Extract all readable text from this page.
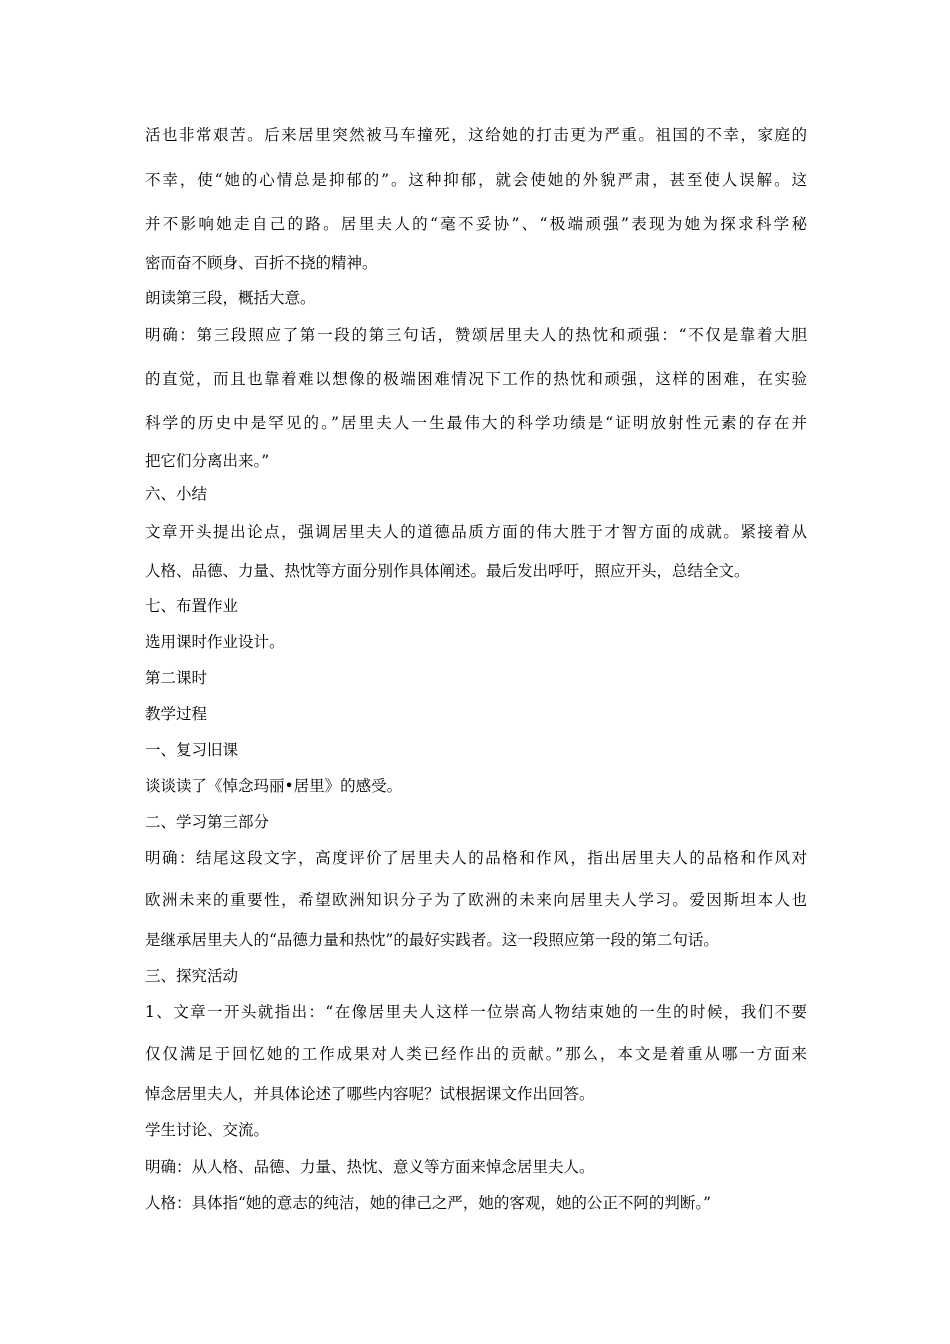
活也非常艰苦。后来居里突然被马车撞死，这给她的打击更为严重。祖国的不幸，家庭的
不幸，使“她的心情总是抑郁的”。这种抑郁，就会使她的外貌严肃，甚至使人误解。这
并不影响她走自己的路。居里夫人的“毫不妥协”、“极端顽强”表现为她为探求科学秘
密而奋不顾身、百折不挠的精神。
朗读第三段，概括大意。
明确：第三段照应了第一段的第三句话，赞颂居里夫人的热忱和顽强：“不仅是靠着大胆
的直觉，而且也靠着难以想像的极端困难情况下工作的热忱和顽强，这样的困难，在实验
科学的历史中是罕见的。”居里夫人一生最伟大的科学功绩是“证明放射性元素的存在并
把它们分离出来。”
六、小结
文章开头提出论点，强调居里夫人的道德品质方面的伟大胜于才智方面的成就。紧接着从
人格、品德、力量、热忱等方面分别作具体阐述。最后发出呼吁，照应开头，总结全文。
七、布置作业
选用课时作业设计。
第二课时
教学过程
一、复习旧课
谈谈读了《悼念玛丽•居里》的感受。
二、学习第三部分
明确：结尾这段文字，高度评价了居里夫人的品格和作风，指出居里夫人的品格和作风对
欧洲未来的重要性，希望欧洲知识分子为了欧洲的未来向居里夫人学习。爱因斯坦本人也
是继承居里夫人的“品德力量和热忱”的最好实践者。这一段照应第一段的第二句话。
三、探究活动
1、文章一开头就指出：“在像居里夫人这样一位崇高人物结束她的一生的时候，我们不要
仅仅满足于回忆她的工作成果对人类已经作出的贡献。”那么，本文是着重从哪一方面来
悼念居里夫人，并具体论述了哪些内容呢？试根据课文作出回答。
学生讨论、交流。
明确：从人格、品德、力量、热忱、意义等方面来悼念居里夫人。
人格：具体指“她的意志的纯洁，她的律己之严，她的客观，她的公正不阿的判断。”
